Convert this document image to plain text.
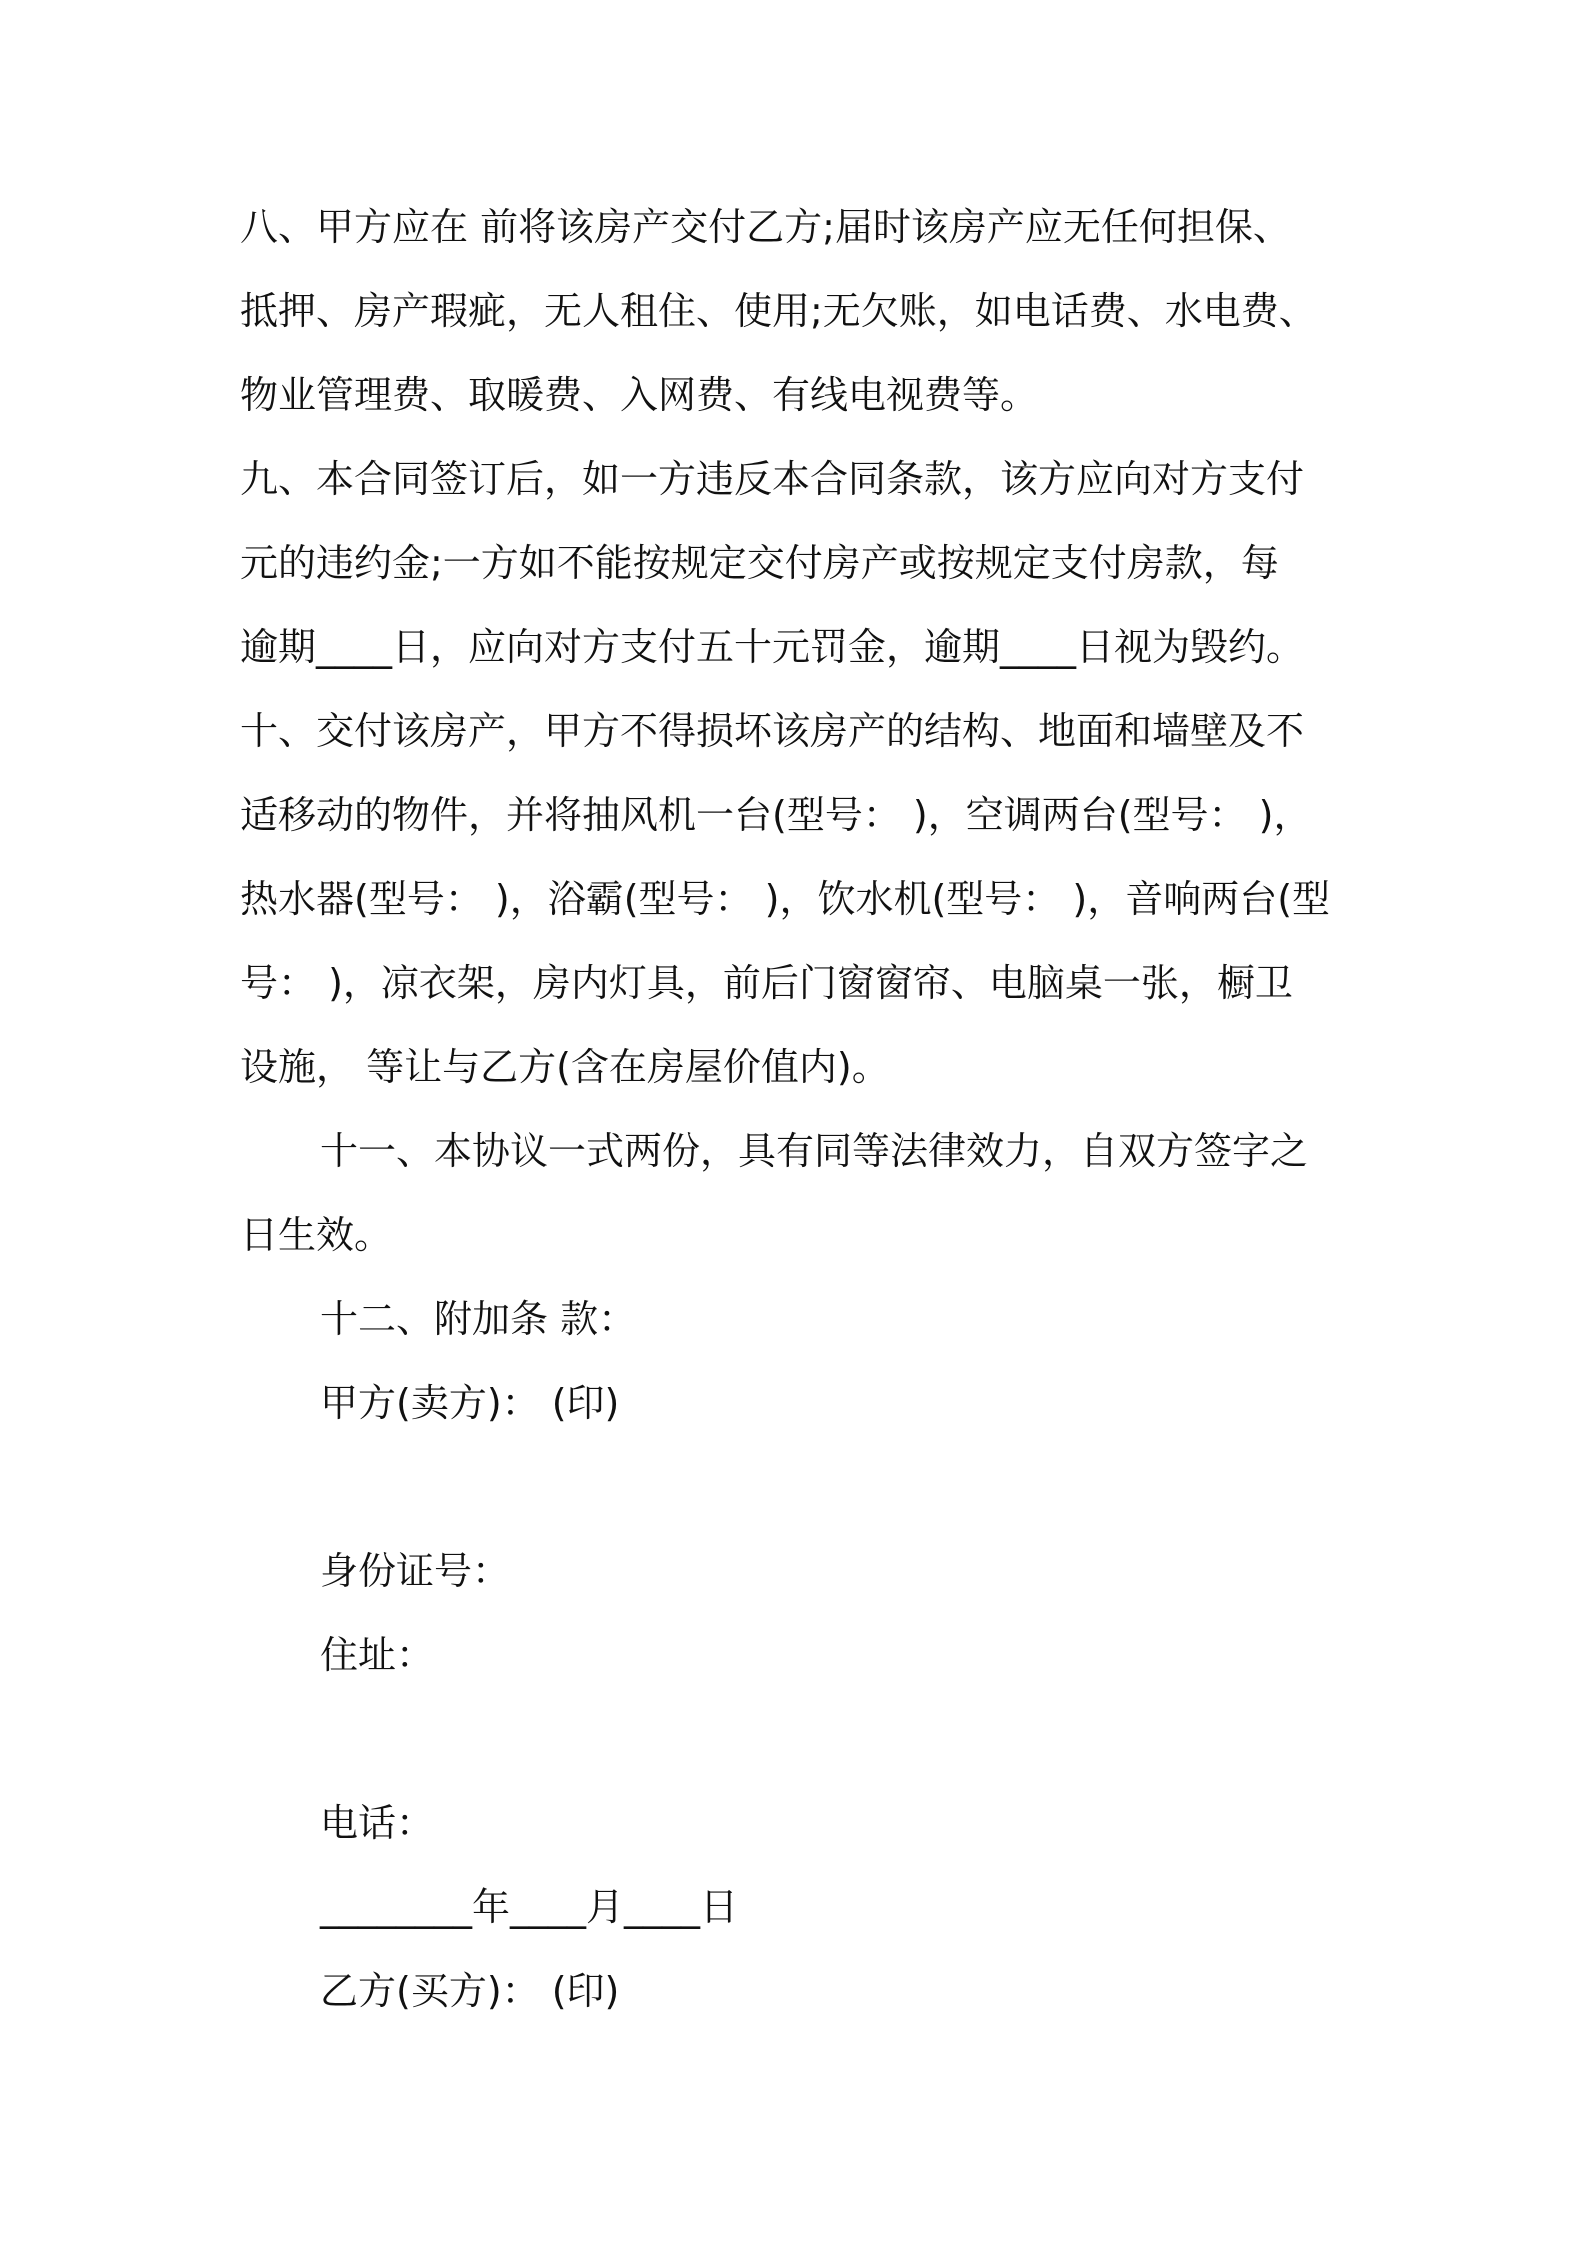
八、甲方应在 前将该房产交付乙方;届时该房产应无任何担保、
抵押、房产瑕疵，无人租住、使用;无欠账，如电话费、水电费、
物业管理费、取暖费、入网费、有线电视费等。
九、本合同签订后，如一方违反本合同条款，该方应向对方支付
元的违约金;一方如不能按规定交付房产或按规定支付房款，每
逾期____日，应向对方支付五十元罚金，逾期____日视为毁约。
十、交付该房产，甲方不得损坏该房产的结构、地面和墙壁及不
适移动的物件，并将抽风机一台(型号： )，空调两台(型号： )，
热水器(型号： )，浴霸(型号： )，饮水机(型号： )，音响两台(型
号： )，凉衣架，房内灯具，前后门窗窗帘、电脑桌一张，橱卫
设施， 等让与乙方(含在房屋价值内)。
十一、本协议一式两份，具有同等法律效力，自双方签字之
日生效。
十二、附加条 款：
甲方(卖方)： (印)
身份证号：
住址：
电话：
________年____月____日
乙方(买方)： (印)
